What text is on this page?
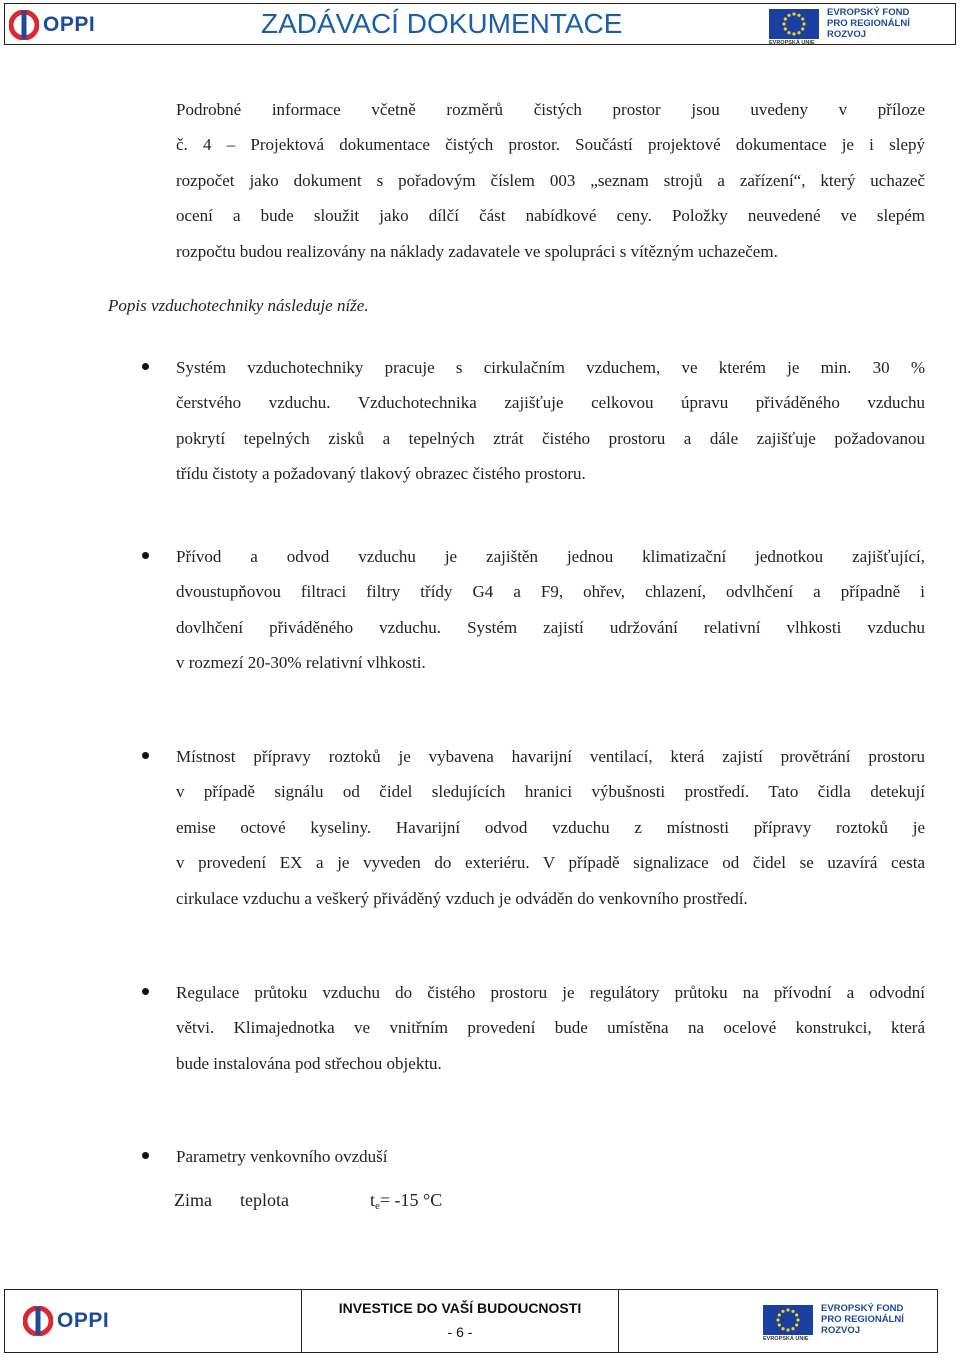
OPPI	ZADÁVACÍ DOKUMENTACE
EVROPSKÁ UNIE
EVROPSKÝ FOND
PRO REGIONÁLNÍ
ROZVOJ
Podrobné informace včetně rozměrů čistých prostor jsou uvedeny v příloze
č. 4 – Projektová dokumentace čistých prostor. Součástí projektové dokumentace je i slepý
rozpočet jako dokument s pořadovým číslem 003 „seznam strojů a zařízení“, který uchazeč
ocení a bude sloužit jako dílčí část nabídkové ceny. Položky neuvedené ve slepém
rozpočtu budou realizovány na náklady zadavatele ve spolupráci s vítězným uchazečem.

Popis vzduchotechniky následuje níže.

Systém vzduchotechniky pracuje s cirkulačním vzduchem, ve kterém je min. 30 %
čerstvého vzduchu. Vzduchotechnika zajišťuje celkovou úpravu přiváděného vzduchu
pokrytí tepelných zisků a tepelných ztrát čistého prostoru a dále zajišťuje požadovanou
třídu čistoty a požadovaný tlakový obrazec čistého prostoru.
Přívod a odvod vzduchu je zajištěn jednou klimatizační jednotkou zajišťující,
dvoustupňovou filtraci filtry třídy G4 a F9, ohřev, chlazení, odvlhčení a případně i
dovlhčení přiváděného vzduchu. Systém zajistí udržování relativní vlhkosti vzduchu
v rozmezí 20-30% relativní vlhkosti.
Místnost přípravy roztoků je vybavena havarijní ventilací, která zajistí provětrání prostoru
v případě signálu od čidel sledujících hranici výbušnosti prostředí. Tato čidla detekují
emise octové kyseliny. Havarijní odvod vzduchu z místnosti přípravy roztoků je
v provedení EX a je vyveden do exteriéru. V případě signalizace od čidel se uzavírá cesta
cirkulace vzduchu a veškerý přiváděný vzduch je odváděn do venkovního prostředí.
Regulace průtoku vzduchu do čistého prostoru je regulátory průtoku na přívodní a odvodní
větvi. Klimajednotka ve vnitřním provedení bude umístěna na ocelové konstrukci, která
bude instalována pod střechou objektu.
Parametry venkovního ovzduší
Zima	teplota	te= -15 °C
OPPI
INVESTICE DO VAŠÍ BUDOUCNOSTI
- 6 -	EVROPSKÁ UNIE
EVROPSKÝ FOND
PRO REGIONÁLNÍ
ROZVOJ
